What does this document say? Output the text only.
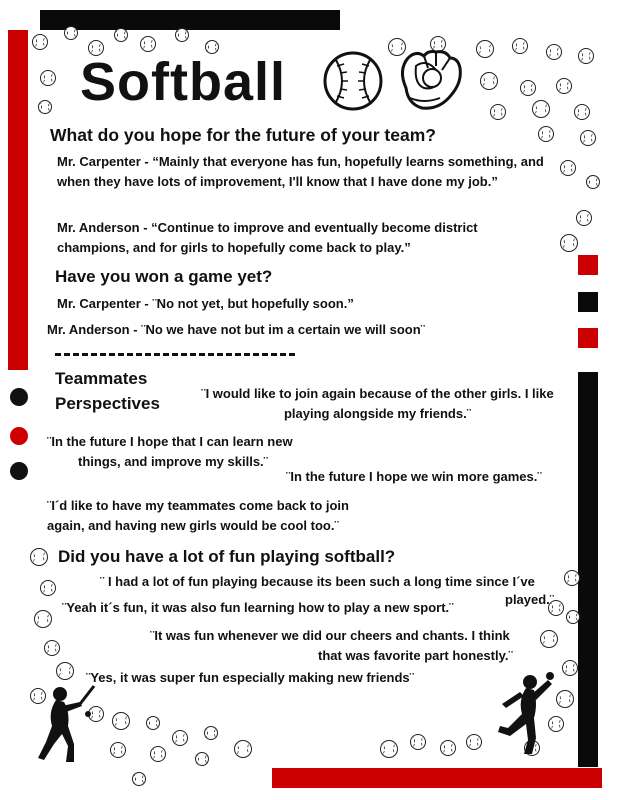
Softball
What do you hope for the future of your team?
Mr. Carpenter - “Mainly that everyone has fun, hopefully learns something, and when they have lots of improvement, I'll know that I have done my job.”
Mr. Anderson - “Continue to improve and eventually become district champions, and for girls to hopefully come back to play.”
Have you won a game yet?
Mr. Carpenter - ¨No not yet, but hopefully soon.”
Mr. Anderson - ¨No we have not but im a certain we will soon¨
Teammates
Perspectives
¨I would like to join again because of the other girls. I like playing alongside my friends.¨
¨In the future I hope that I can learn new
things, and improve my skills.¨
¨In the future I hope we win more games.¨
¨I´d like to have my teammates come back to join again, and having new girls would be cool too.¨
Did you have a lot of fun playing softball?
¨ I had a lot of fun playing because its been such a long time since I´ve
played.¨
¨Yeah it´s fun, it was also fun learning how to play a new sport.¨
¨It was fun whenever we did our cheers and chants. I think
that was favorite part honestly.¨
¨Yes, it was super fun especially making new friends¨
